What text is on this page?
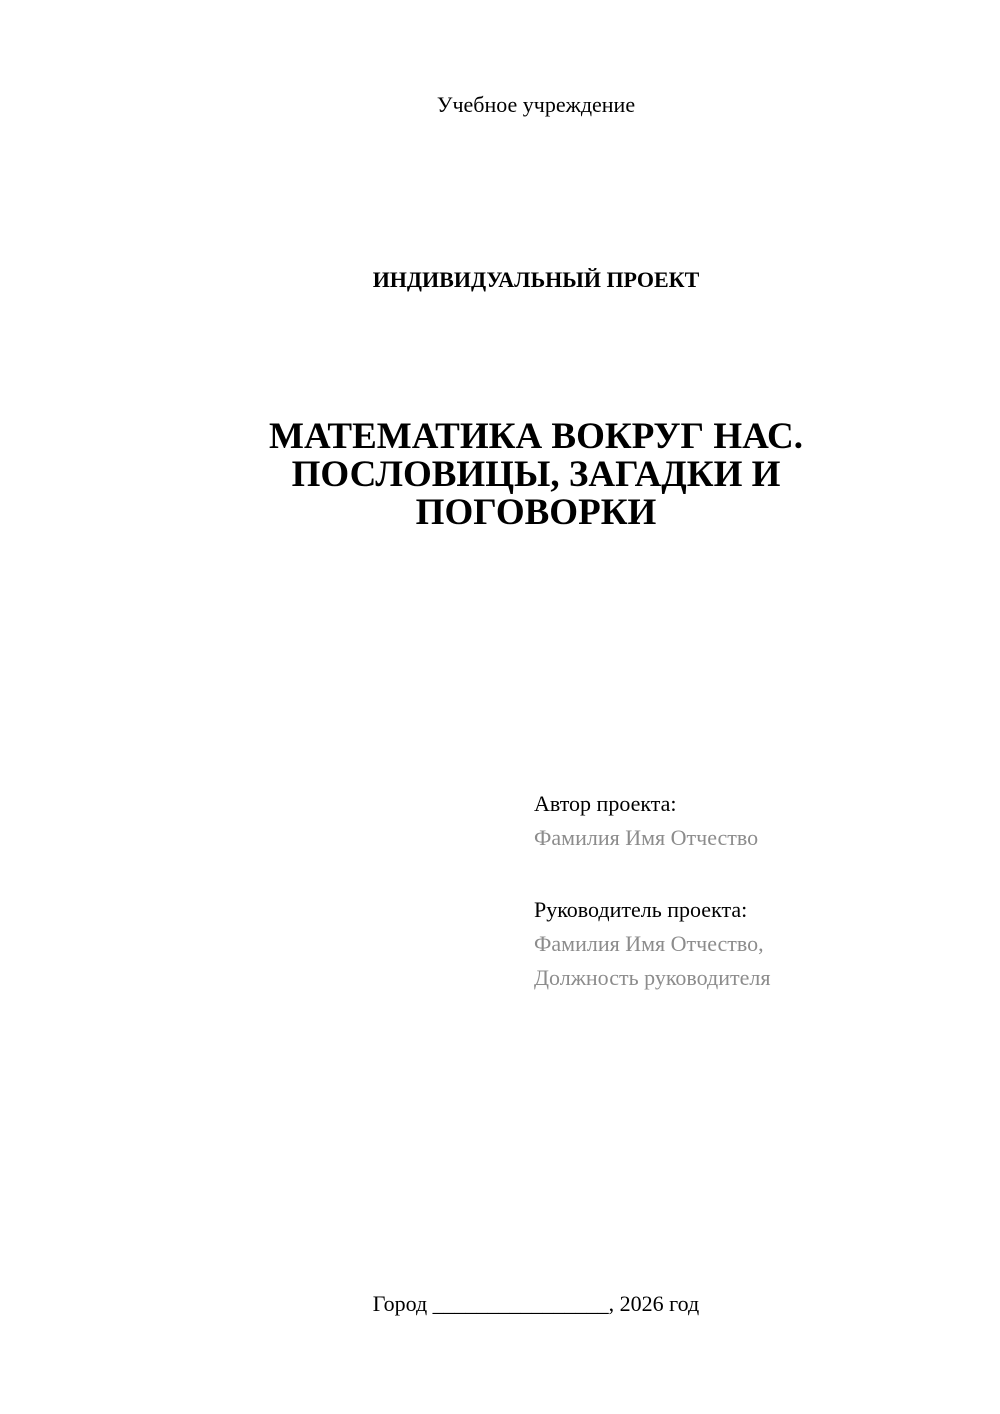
Учебное учреждение
ИНДИВИДУАЛЬНЫЙ ПРОЕКТ
МАТЕМАТИКА ВОКРУГ НАС.
ПОСЛОВИЦЫ, ЗАГАДКИ И
ПОГОВОРКИ
Автор проекта:
Фамилия Имя Отчество
Руководитель проекта:
Фамилия Имя Отчество,
Должность руководителя
Город ________________, 2026 год
